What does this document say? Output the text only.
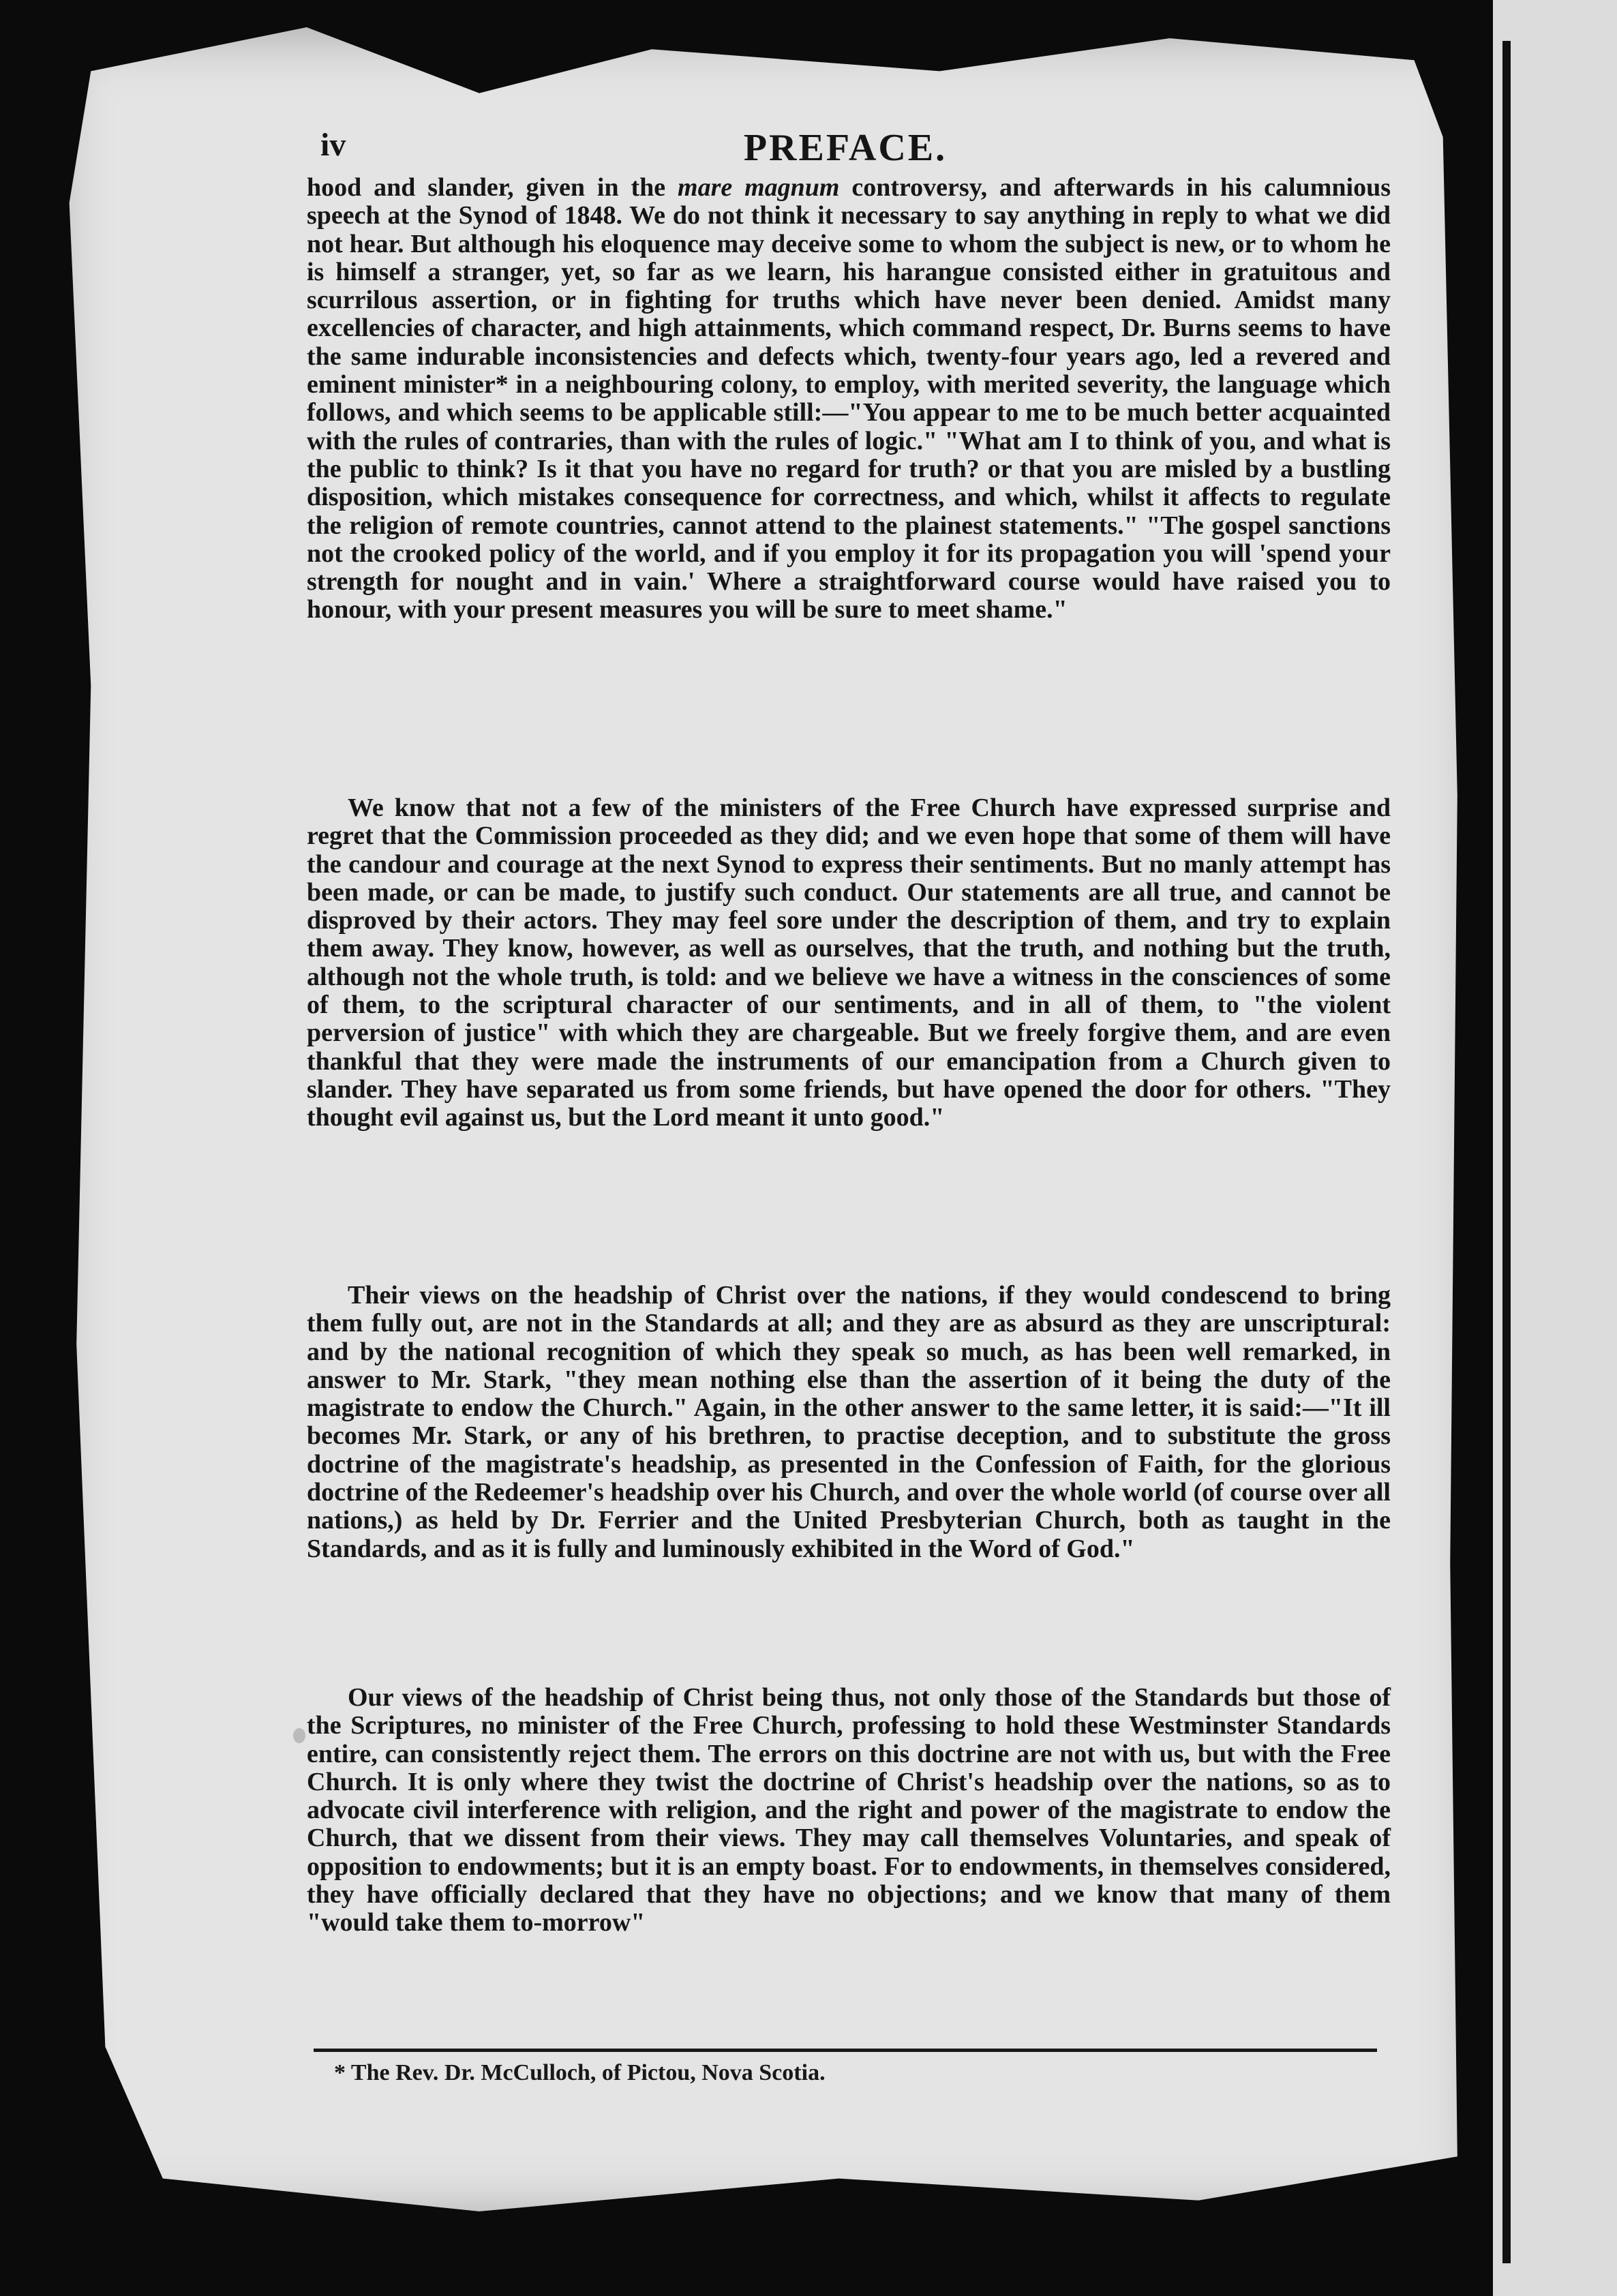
iv	PREFACE.

hood and slander, given in the mare magnum controversy, and afterwards in his calumnious speech at the Synod of 1848. We do not think it necessary to say anything in reply to what we did not hear. But although his eloquence may deceive some to whom the subject is new, or to whom he is himself a stranger, yet, so far as we learn, his harangue consisted either in gratuitous and scurrilous assertion, or in fighting for truths which have never been denied. Amidst many excellencies of character, and high attainments, which command respect, Dr. Burns seems to have the same indurable inconsistencies and defects which, twenty-four years ago, led a revered and eminent minister* in a neighbouring colony, to employ, with merited severity, the language which follows, and which seems to be applicable still:—"You appear to me to be much better acquainted with the rules of contraries, than with the rules of logic." "What am I to think of you, and what is the public to think? Is it that you have no regard for truth? or that you are misled by a bustling disposition, which mistakes consequence for correctness, and which, whilst it affects to regulate the religion of remote countries, cannot attend to the plainest statements." "The gospel sanctions not the crooked policy of the world, and if you employ it for its propagation you will 'spend your strength for nought and in vain.' Where a straightforward course would have raised you to honour, with your present measures you will be sure to meet shame."

We know that not a few of the ministers of the Free Church have expressed surprise and regret that the Commission proceeded as they did; and we even hope that some of them will have the candour and courage at the next Synod to express their sentiments. But no manly attempt has been made, or can be made, to justify such conduct. Our statements are all true, and cannot be disproved by their actors. They may feel sore under the description of them, and try to explain them away. They know, however, as well as ourselves, that the truth, and nothing but the truth, although not the whole truth, is told: and we believe we have a witness in the consciences of some of them, to the scriptural character of our sentiments, and in all of them, to "the violent perversion of justice" with which they are chargeable. But we freely forgive them, and are even thankful that they were made the instruments of our emancipation from a Church given to slander. They have separated us from some friends, but have opened the door for others. "They thought evil against us, but the Lord meant it unto good."

Their views on the headship of Christ over the nations, if they would condescend to bring them fully out, are not in the Standards at all; and they are as absurd as they are unscriptural: and by the national recognition of which they speak so much, as has been well remarked, in answer to Mr. Stark, "they mean nothing else than the assertion of it being the duty of the magistrate to endow the Church." Again, in the other answer to the same letter, it is said:—"It ill becomes Mr. Stark, or any of his brethren, to practise deception, and to substitute the gross doctrine of the magistrate's headship, as presented in the Confession of Faith, for the glorious doctrine of the Redeemer's headship over his Church, and over the whole world (of course over all nations,) as held by Dr. Ferrier and the United Presbyterian Church, both as taught in the Standards, and as it is fully and luminously exhibited in the Word of God."

Our views of the headship of Christ being thus, not only those of the Standards but those of the Scriptures, no minister of the Free Church, professing to hold these Westminster Standards entire, can consistently reject them. The errors on this doctrine are not with us, but with the Free Church. It is only where they twist the doctrine of Christ's headship over the nations, so as to advocate civil interference with religion, and the right and power of the magistrate to endow the Church, that we dissent from their views. They may call themselves Voluntaries, and speak of opposition to endowments; but it is an empty boast. For to endowments, in themselves considered, they have officially declared that they have no objections; and we know that many of them "would take them to-morrow"

* The Rev. Dr. McCulloch, of Pictou, Nova Scotia.
